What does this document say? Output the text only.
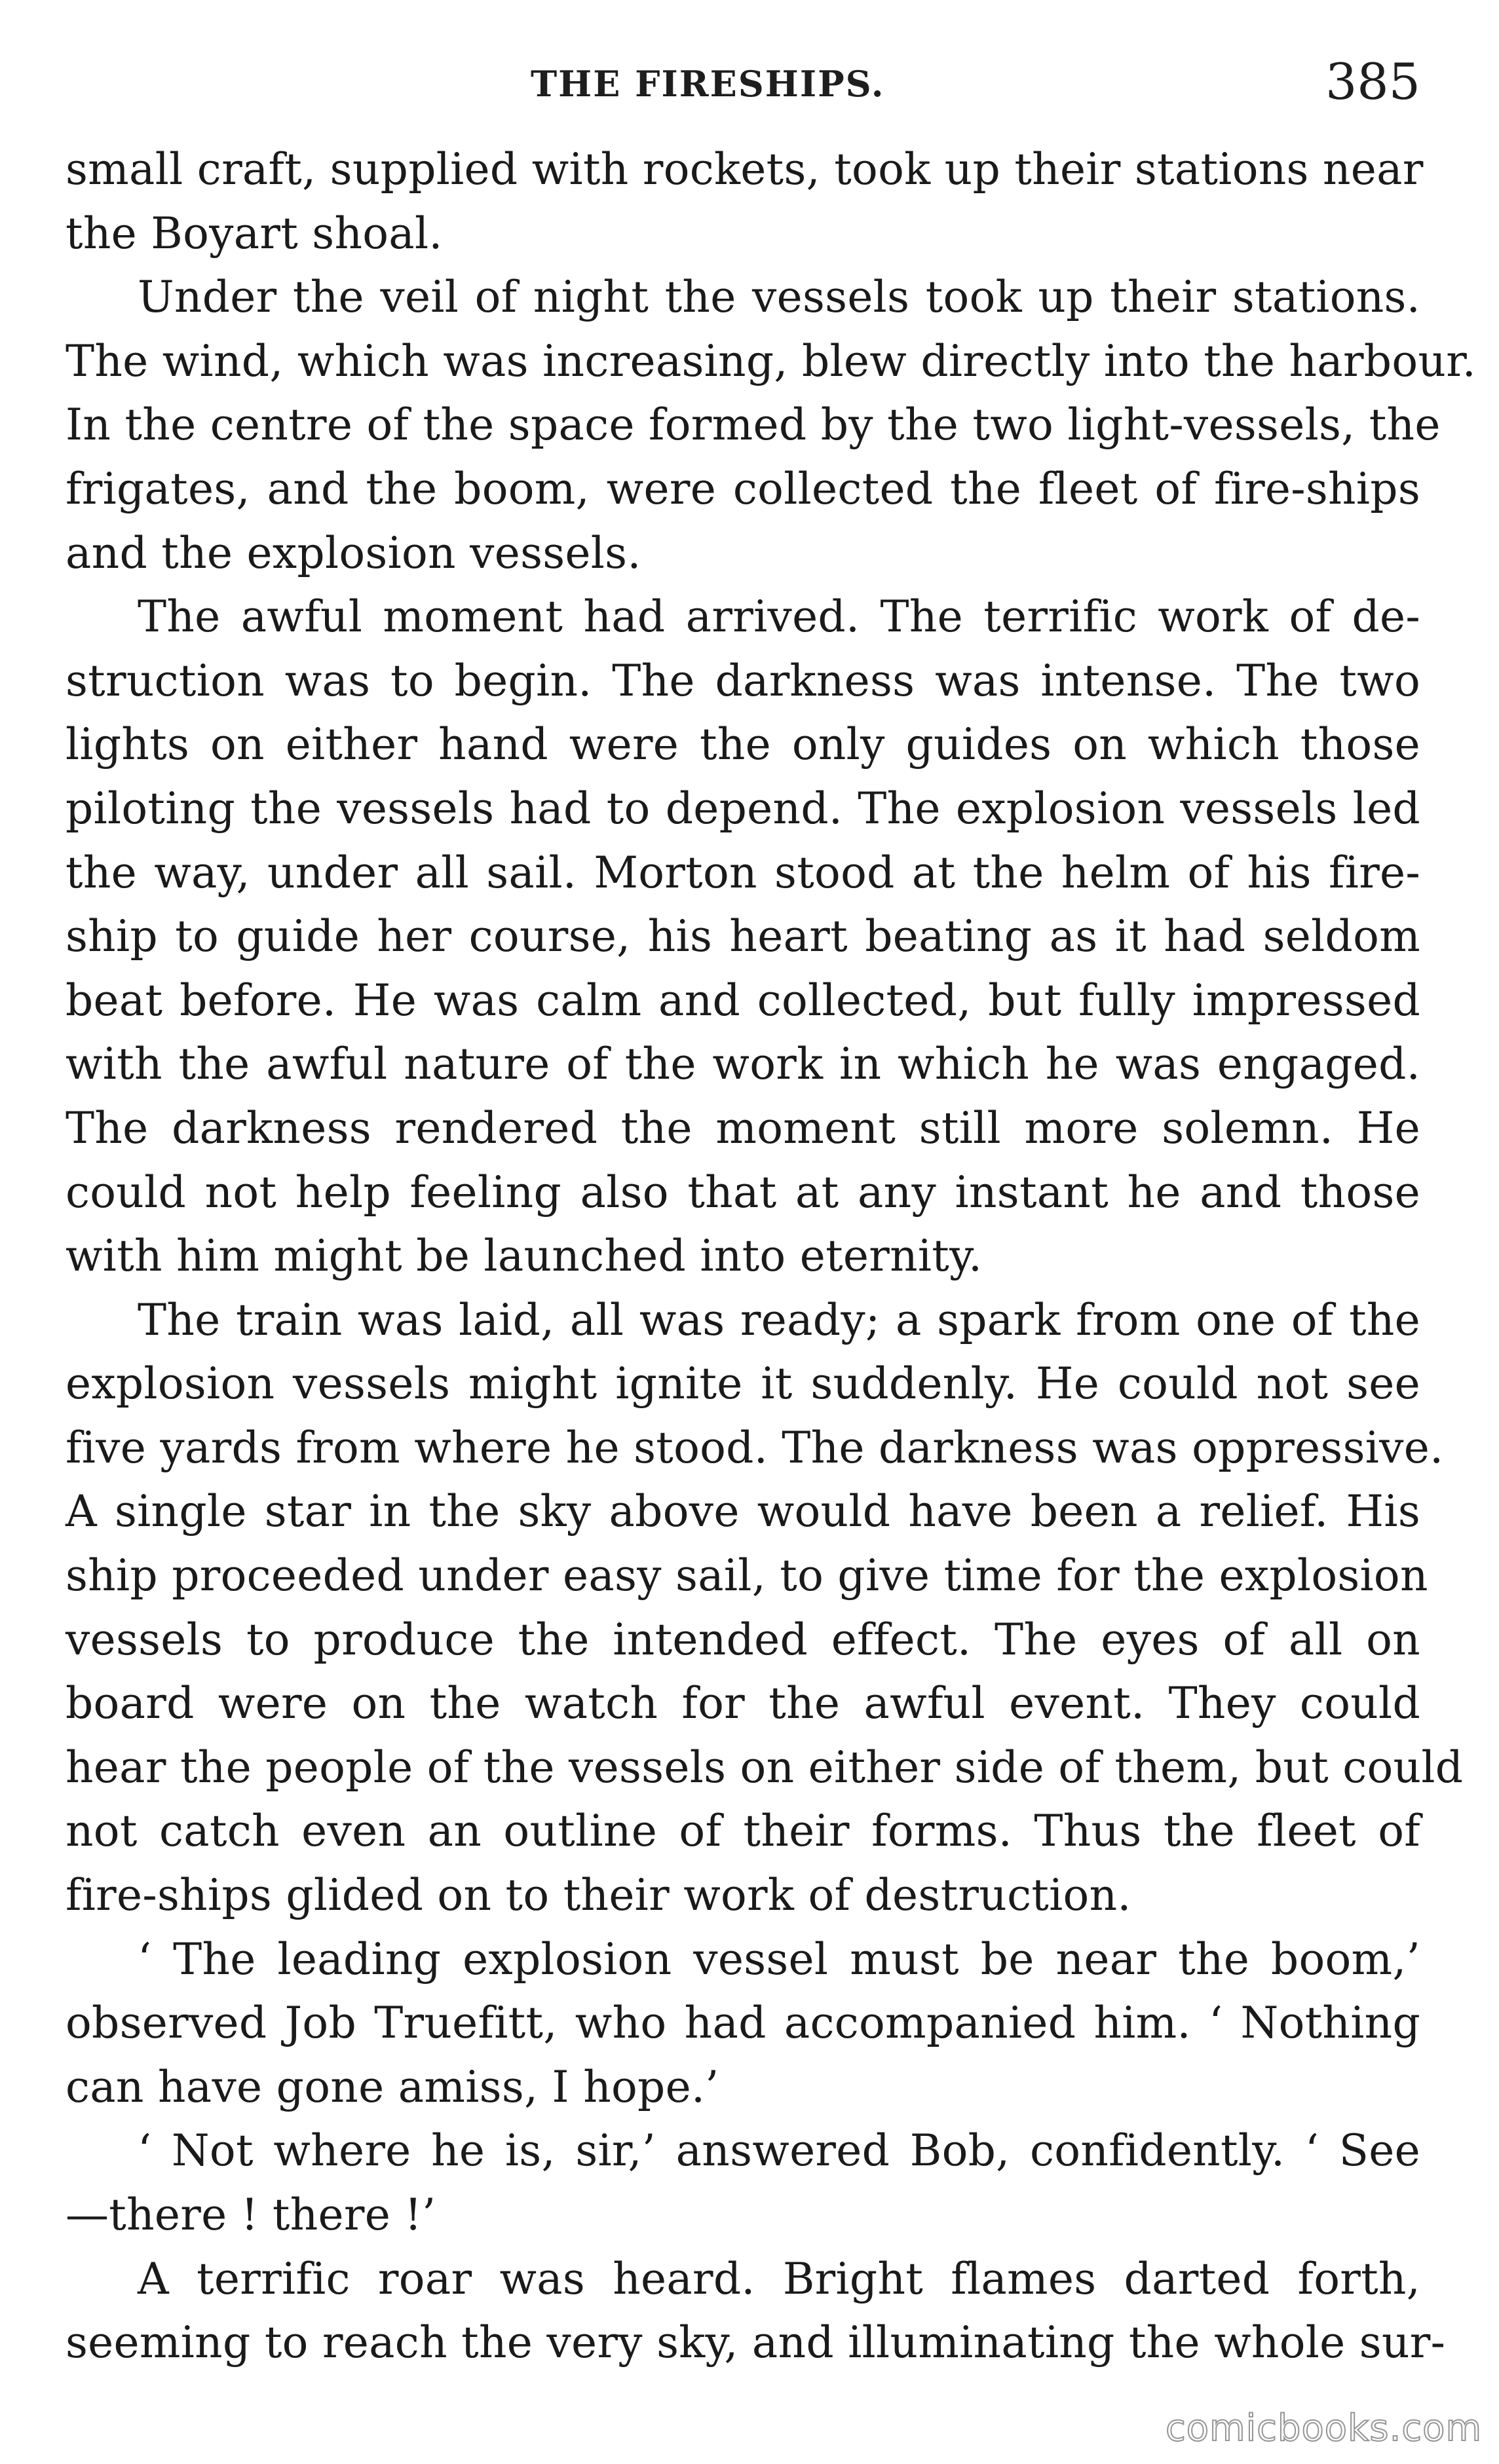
THE FIRESHIPS.	385
small craft, supplied with rockets, took up their stations near
the Boyart shoal.
Under the veil of night the vessels took up their stations.
The wind, which was increasing, blew directly into the harbour.
In the centre of the space formed by the two light-vessels, the
frigates, and the boom, were collected the fleet of fire-ships
and the explosion vessels.
The awful moment had arrived. The terrific work of de-
struction was to begin. The darkness was intense. The two
lights on either hand were the only guides on which those
piloting the vessels had to depend. The explosion vessels led
the way, under all sail. Morton stood at the helm of his fire-
ship to guide her course, his heart beating as it had seldom
beat before. He was calm and collected, but fully impressed
with the awful nature of the work in which he was engaged.
The darkness rendered the moment still more solemn. He
could not help feeling also that at any instant he and those
with him might be launched into eternity.
The train was laid, all was ready; a spark from one of the
explosion vessels might ignite it suddenly. He could not see
five yards from where he stood. The darkness was oppressive.
A single star in the sky above would have been a relief. His
ship proceeded under easy sail, to give time for the explosion
vessels to produce the intended effect. The eyes of all on
board were on the watch for the awful event. They could
hear the people of the vessels on either side of them, but could
not catch even an outline of their forms. Thus the fleet of
fire-ships glided on to their work of destruction.
‘ The leading explosion vessel must be near the boom,’
observed Job Truefitt, who had accompanied him. ‘ Nothing
can have gone amiss, I hope.’
‘ Not where he is, sir,’ answered Bob, confidently. ‘ See
—there ! there !’
A terrific roar was heard. Bright flames darted forth,
seeming to reach the very sky, and illuminating the whole sur-
comicbooks.com
